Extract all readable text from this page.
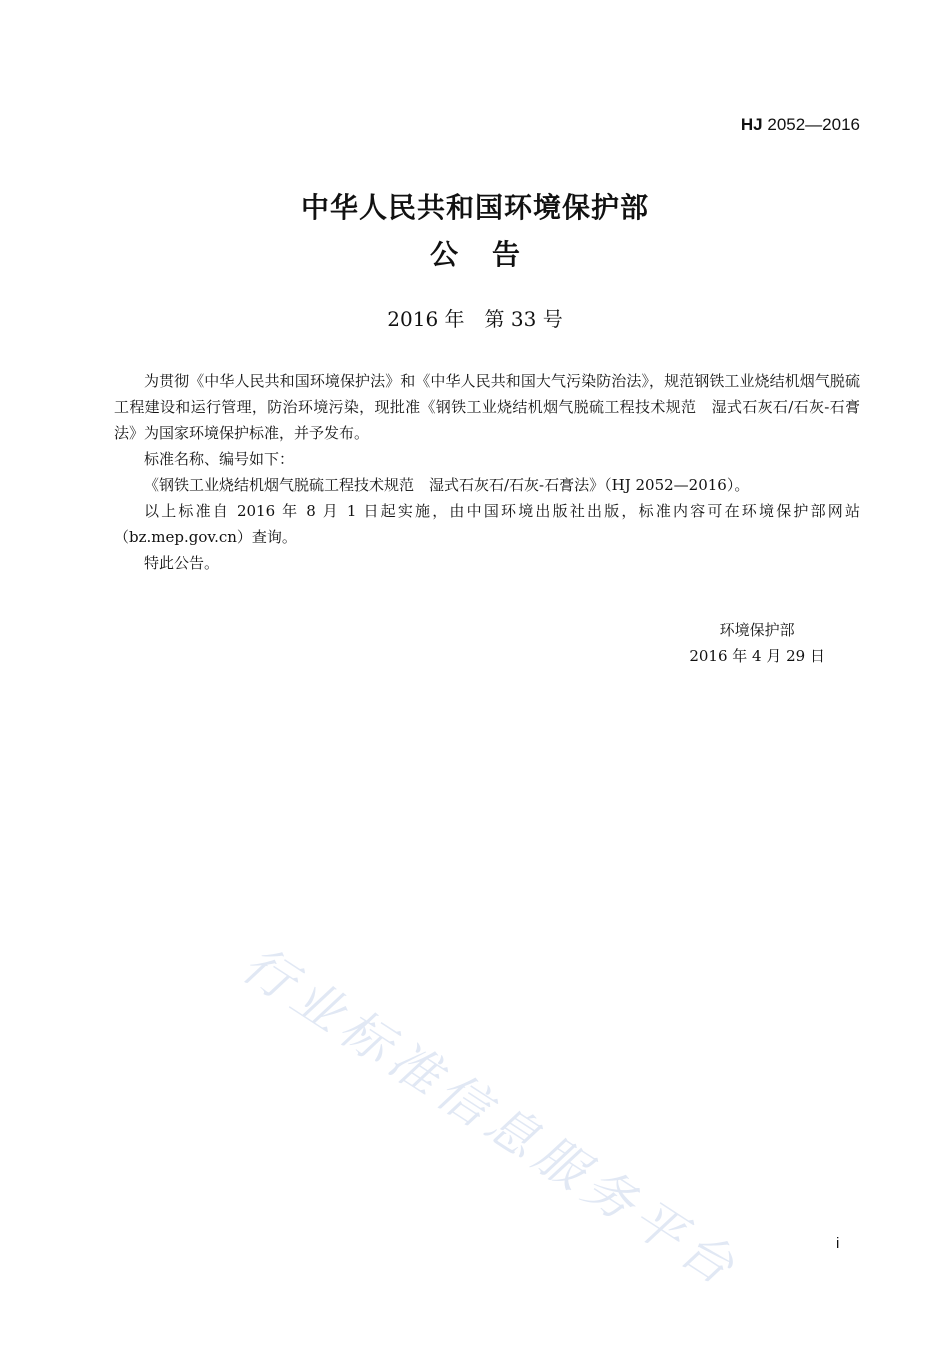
HJ 2052—2016
中华人民共和国环境保护部
公告
2016 年　第 33 号

为贯彻《中华人民共和国环境保护法》和《中华人民共和国大气污染防治法》，规范钢铁工业烧结机烟气脱硫工程建设和运行管理，防治环境污染，现批准《钢铁工业烧结机烟气脱硫工程技术规范　湿式石灰石/石灰-石膏法》为国家环境保护标准，并予发布。

标准名称、编号如下：

《钢铁工业烧结机烟气脱硫工程技术规范　湿式石灰石/石灰-石膏法》（HJ 2052—2016）。

以上标准自 2016 年 8 月 1 日起实施，由中国环境出版社出版，标准内容可在环境保护部网站（bz.mep.gov.cn）查询。

特此公告。

环境保护部
2016 年 4 月 29 日
行业标准信息服务平台	i
